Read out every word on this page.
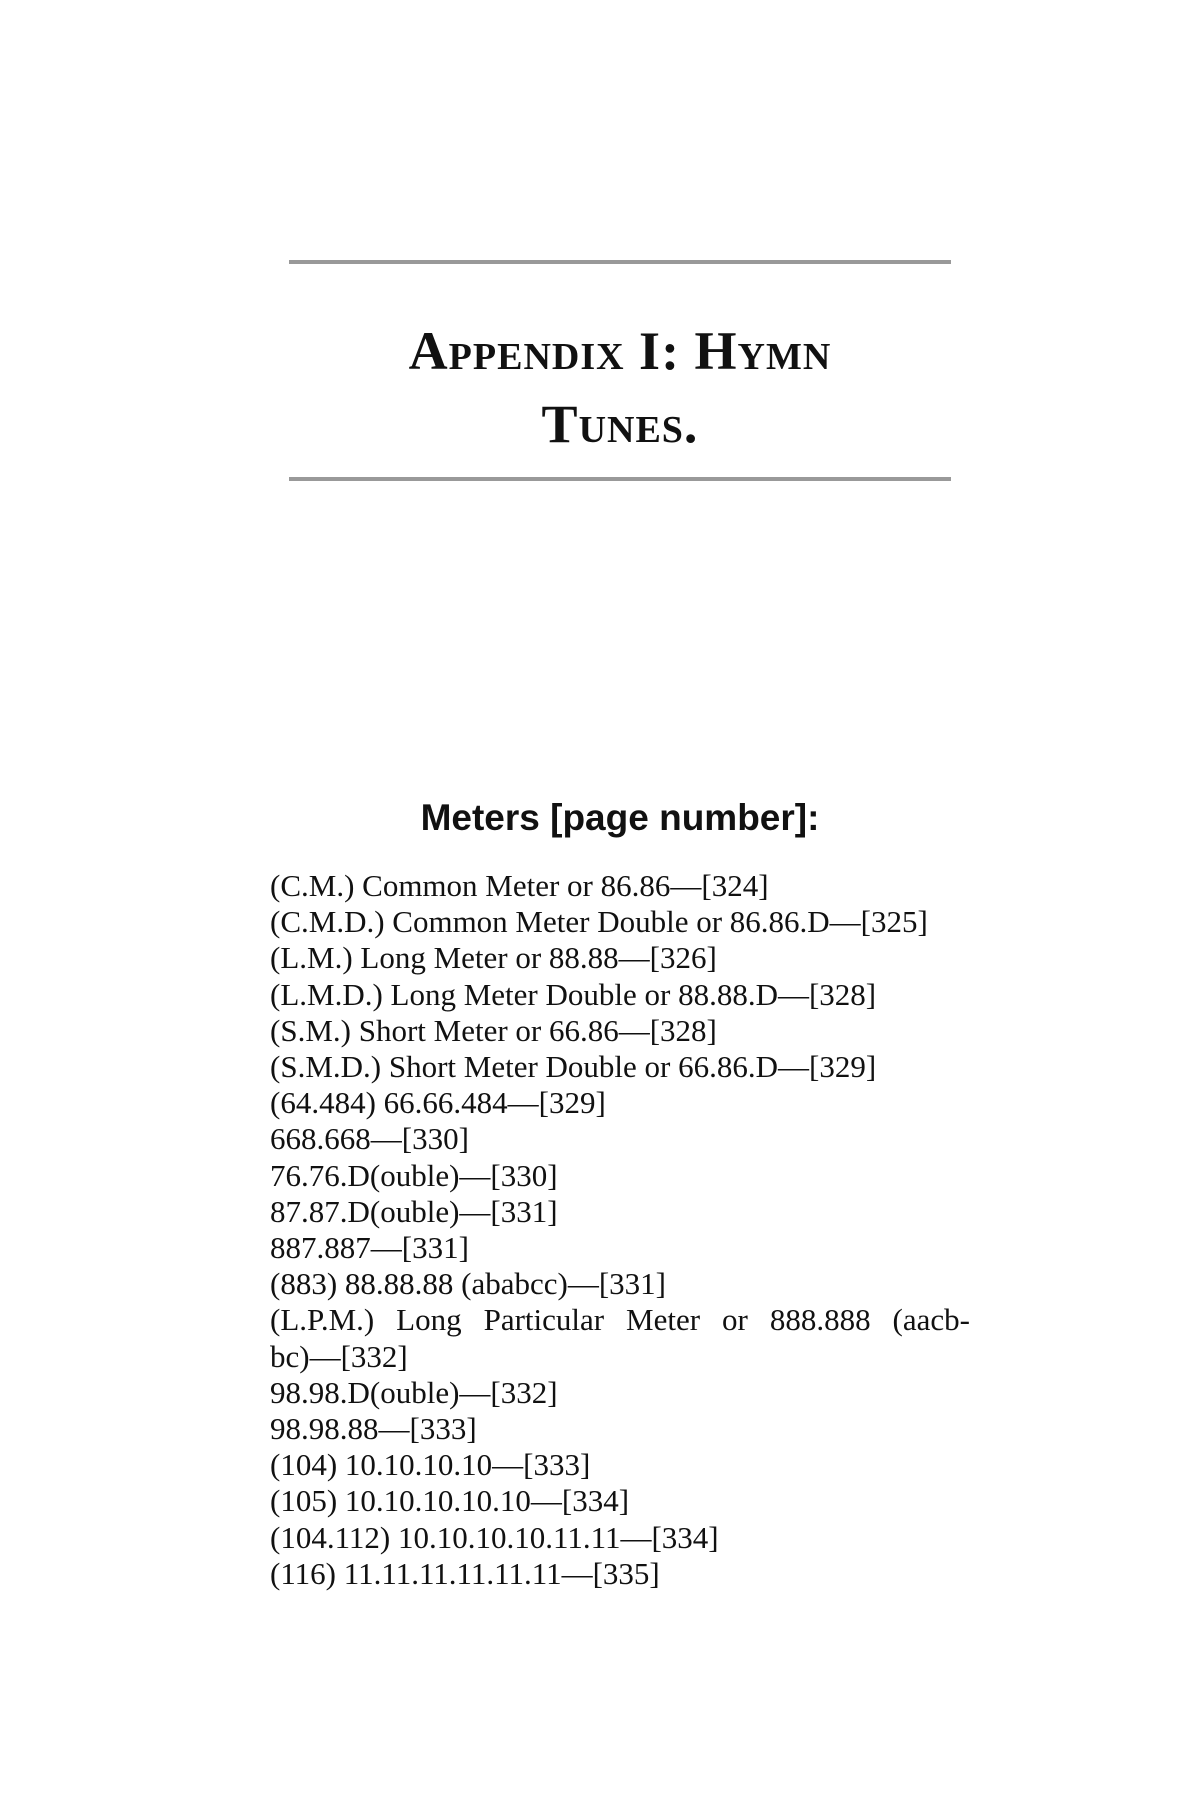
Appendix I: Hymn
Tunes.
Meters [page number]:
(C.M.) Common Meter or 86.86—[324]
(C.M.D.) Common Meter Double or 86.86.D—[325]
(L.M.) Long Meter or 88.88—[326]
(L.M.D.) Long Meter Double or 88.88.D—[328]
(S.M.) Short Meter or 66.86—[328]
(S.M.D.) Short Meter Double or 66.86.D—[329]
(64.484) 66.66.484—[329]
668.668—[330]
76.76.D(ouble)—[330]
87.87.D(ouble)—[331]
887.887—[331]
(883) 88.88.88 (ababcc)—[331]
(L.P.M.) Long Particular Meter or 888.888 (aacb-
bc)—[332]
98.98.D(ouble)—[332]
98.98.88—[333]
(104) 10.10.10.10—[333]
(105) 10.10.10.10.10—[334]
(104.112) 10.10.10.10.11.11—[334]
(116) 11.11.11.11.11.11—[335]
